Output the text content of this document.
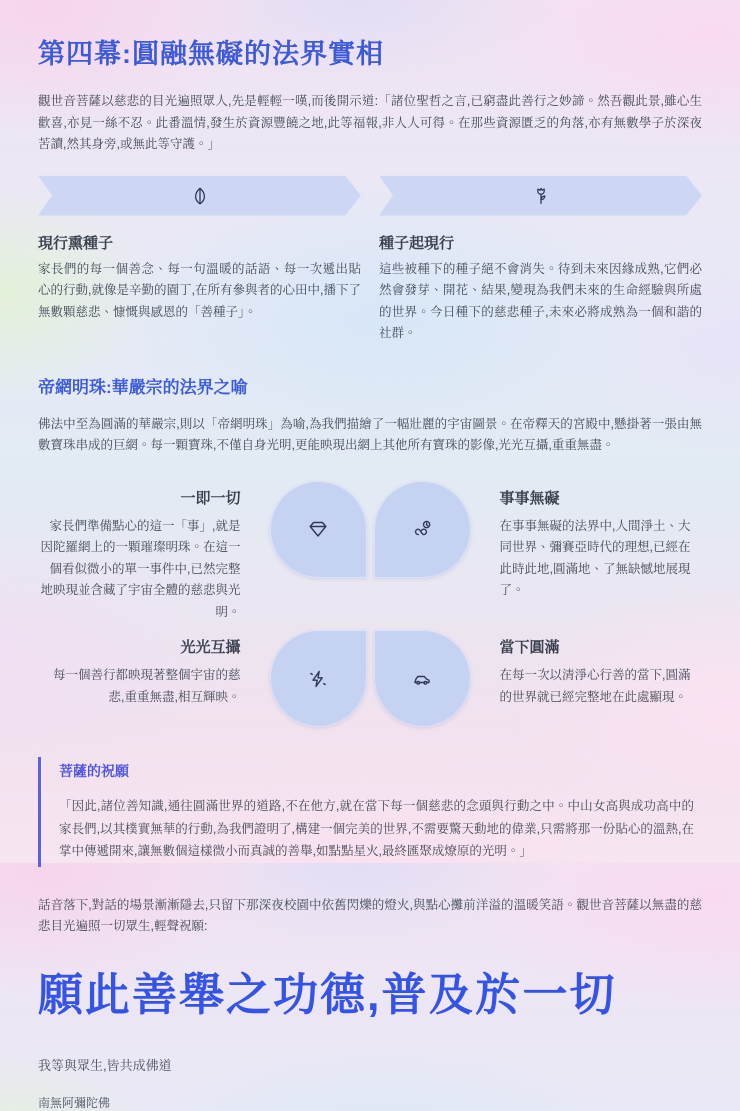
第四幕:圓融無礙的法界實相

觀世音菩薩以慈悲的目光遍照眾人,先是輕輕一嘆,而後開示道:「諸位聖哲之言,已窮盡此善行之妙諦。然吾觀此景,雖心生歡喜,亦見一絲不忍。此番溫情,發生於資源豐饒之地,此等福報,非人人可得。在那些資源匱乏的角落,亦有無數學子於深夜苦讀,然其身旁,或無此等守護。」

現行熏種子

家長們的每一個善念、每一句溫暖的話語、每一次遞出貼心的行動,就像是辛勤的園丁,在所有參與者的心田中,播下了無數顆慈悲、慷慨與感恩的「善種子」。

種子起現行

這些被種下的種子絕不會消失。待到未來因緣成熟,它們必然會發芽、開花、結果,變現為我們未來的生命經驗與所處的世界。今日種下的慈悲種子,未來必將成熟為一個和諧的社群。

帝網明珠:華嚴宗的法界之喻

佛法中至為圓滿的華嚴宗,則以「帝網明珠」為喻,為我們描繪了一幅壯麗的宇宙圖景。在帝釋天的宮殿中,懸掛著一張由無數寶珠串成的巨網。每一顆寶珠,不僅自身光明,更能映現出網上其他所有寶珠的影像,光光互攝,重重無盡。

一即一切

家長們準備點心的這一「事」,就是因陀羅網上的一顆璀璨明珠。在這一個看似微小的單一事件中,已然完整地映現並含藏了宇宙全體的慈悲與光明。

事事無礙

在事事無礙的法界中,人間淨土、大同世界、彌賽亞時代的理想,已經在此時此地,圓滿地、了無缺憾地展現了。

光光互攝

每一個善行都映現著整個宇宙的慈悲,重重無盡,相互輝映。

當下圓滿

在每一次以清淨心行善的當下,圓滿的世界就已經完整地在此處顯現。

菩薩的祝願

「因此,諸位善知識,通往圓滿世界的道路,不在他方,就在當下每一個慈悲的念頭與行動之中。中山女高與成功高中的家長們,以其樸實無華的行動,為我們證明了,構建一個完美的世界,不需要驚天動地的偉業,只需將那一份貼心的溫熱,在掌中傳遞開來,讓無數個這樣微小而真誠的善舉,如點點星火,最終匯聚成燎原的光明。」

話音落下,對話的場景漸漸隱去,只留下那深夜校園中依舊閃爍的燈火,與點心攤前洋溢的溫暖笑語。觀世音菩薩以無盡的慈悲目光遍照一切眾生,輕聲祝願:

願此善舉之功德,普及於一切

我等與眾生,皆共成佛道

南無阿彌陀佛
